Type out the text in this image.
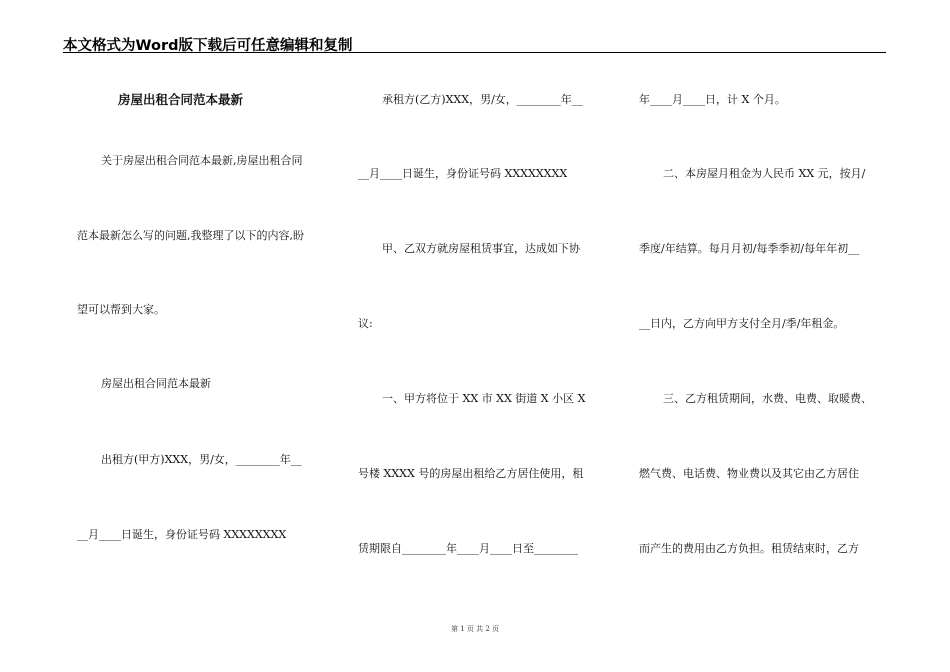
本文格式为Word版下载后可任意编辑和复制
房屋出租合同范本最新
关于房屋出租合同范本最新,房屋出租合同
范本最新怎么写的问题,我整理了以下的内容,盼
望可以帮到大家。
房屋出租合同范本最新
出租方(甲方)XXX，男/女，________年__
__月____日诞生，身份证号码 XXXXXXXX
承租方(乙方)XXX，男/女，________年__
__月____日诞生，身份证号码 XXXXXXXX
甲、乙双方就房屋租赁事宜，达成如下协
议:
一、甲方将位于 XX 市 XX 街道 X 小区 X
号楼 XXXX 号的房屋出租给乙方居住使用，租
赁期限自________年____月____日至________
年____月____日，计 X 个月。
二、本房屋月租金为人民币 XX 元，按月/
季度/年结算。每月月初/每季季初/每年年初__
__日内，乙方向甲方支付全月/季/年租金。
三、乙方租赁期间，水费、电费、取暖费、
燃气费、电话费、物业费以及其它由乙方居住
而产生的费用由乙方负担。租赁结束时，乙方
第 1 页 共 2 页
